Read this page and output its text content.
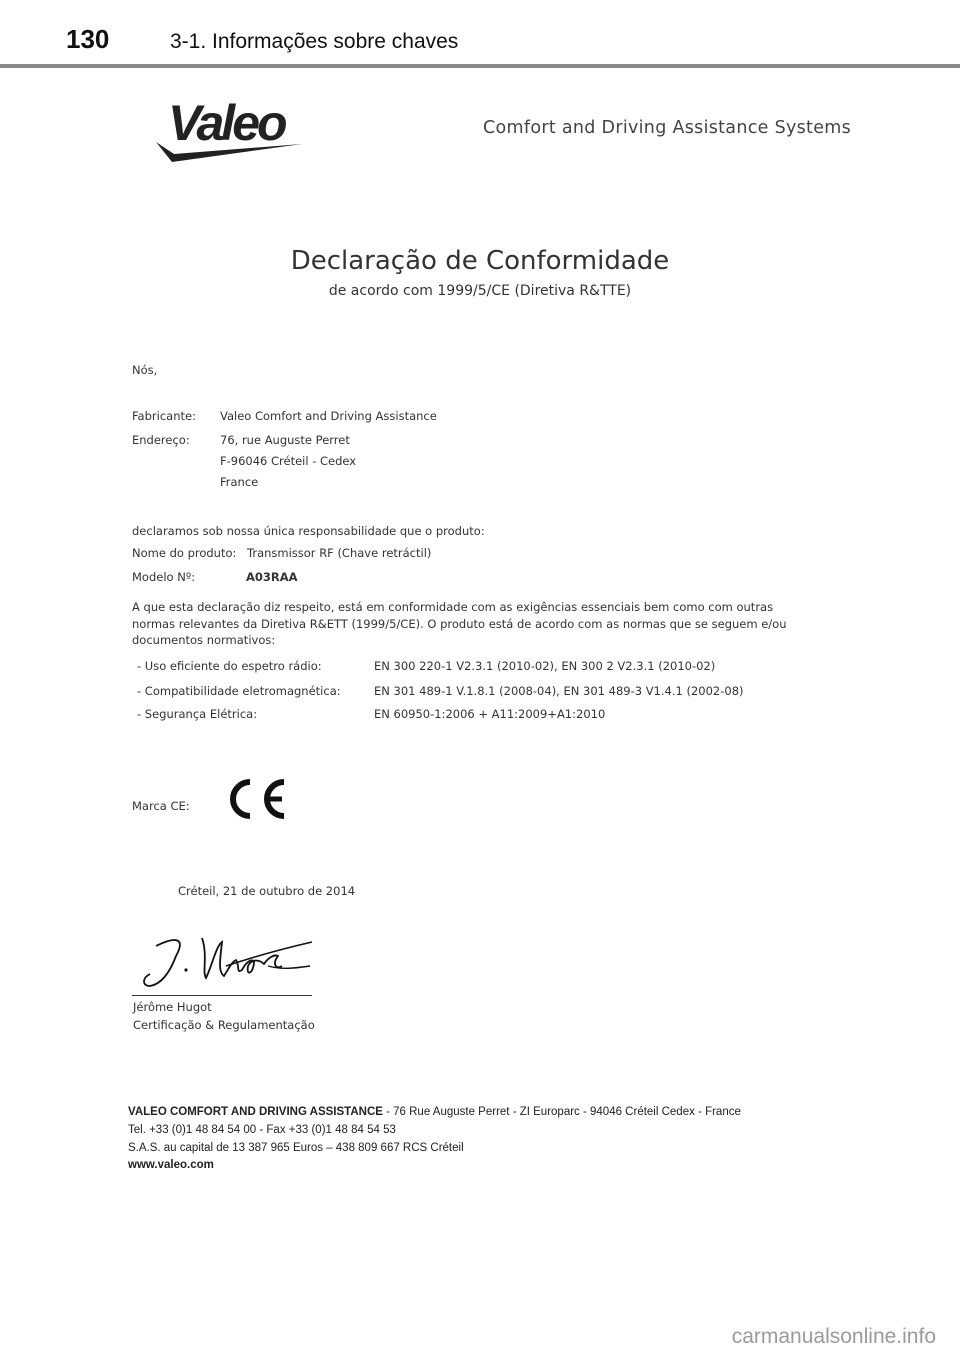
130	3-1. Informações sobre chaves
Valeo	Comfort and Driving Assistance Systems
Declaração de Conformidade
de acordo com 1999/5/CE (Diretiva R&TTE)
Nós,
Fabricante: Valeo Comfort and Driving Assistance
Endereço:	76, rue Auguste Perret
F-96046 Créteil - Cedex
France
declaramos sob nossa única responsabilidade que o produto:
Nome do produto: Transmissor RF (Chave retráctil)
Modelo Nº:	A03RAA
A que esta declaração diz respeito, está em conformidade com as exigências essenciais bem como com outras normas relevantes da Diretiva R&ETT (1999/5/CE). O produto está de acordo com as normas que se seguem e/ou documentos normativos:
- Uso eficiente do espetro rádio:	EN 300 220-1 V2.3.1 (2010-02), EN 300 2 V2.3.1 (2010-02)
- Compatibilidade eletromagnética:	EN 301 489-1 V.1.8.1 (2008-04), EN 301 489-3 V1.4.1 (2002-08)
- Segurança Elétrica:	EN 60950-1:2006 + A11:2009+A1:2010
Marca CE:
Créteil, 21 de outubro de 2014
Jérôme Hugot
Certificação & Regulamentação
VALEO COMFORT AND DRIVING ASSISTANCE - 76 Rue Auguste Perret - ZI Europarc - 94046 Créteil Cedex - France
Tel. +33 (0)1 48 84 54 00 - Fax +33 (0)1 48 84 54 53
S.A.S. au capital de 13 387 965 Euros – 438 809 667 RCS Créteil
www.valeo.com
carmanualsonline.info
